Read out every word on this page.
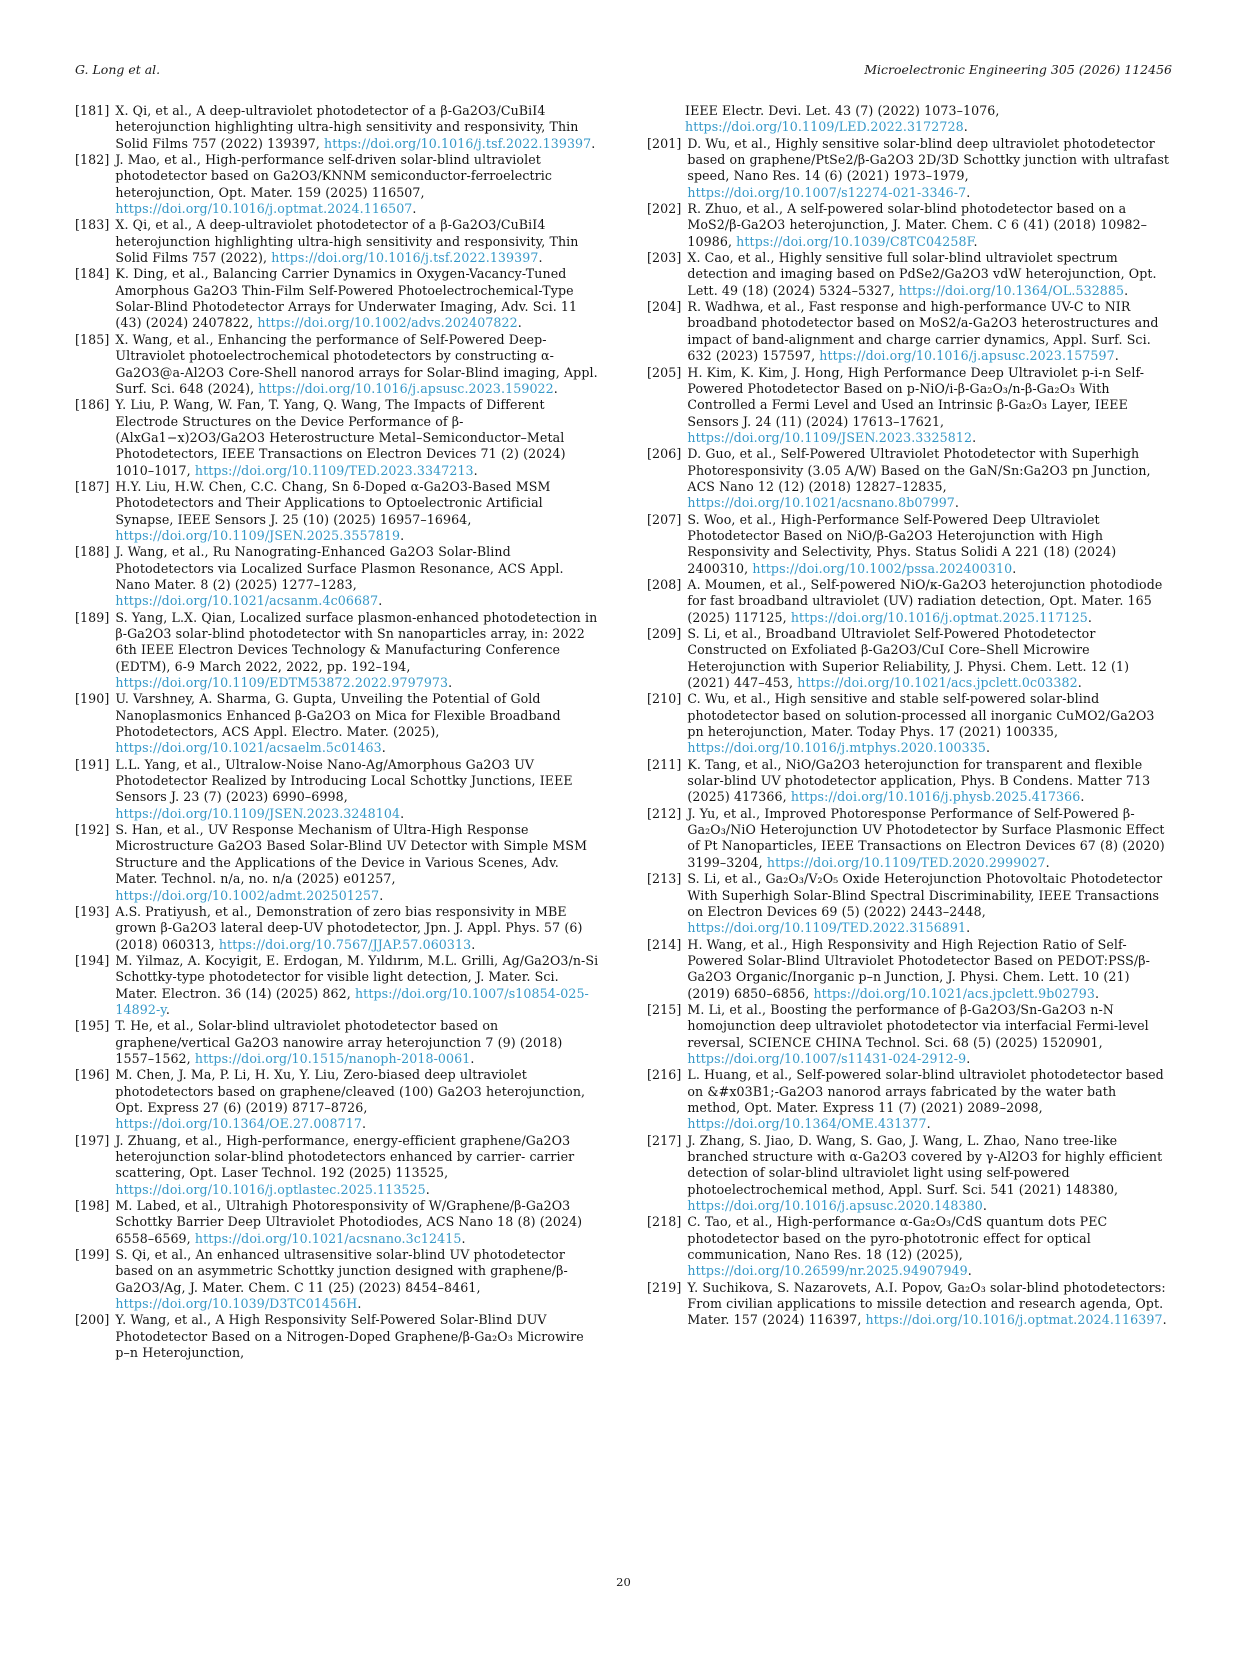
G. Long et al.	Microelectronic Engineering 305 (2026) 112456
[181] X. Qi, et al., A deep-ultraviolet photodetector of a β-Ga2O3/CuBiI4 heterojunction highlighting ultra-high sensitivity and responsivity, Thin Solid Films 757 (2022) 139397, https://doi.org/10.1016/j.tsf.2022.139397.
[182] J. Mao, et al., High-performance self-driven solar-blind ultraviolet photodetector based on Ga2O3/KNNM semiconductor-ferroelectric heterojunction, Opt. Mater. 159 (2025) 116507, https://doi.org/10.1016/j.optmat.2024.116507.
[183] X. Qi, et al., A deep-ultraviolet photodetector of a β-Ga2O3/CuBiI4 heterojunction highlighting ultra-high sensitivity and responsivity, Thin Solid Films 757 (2022), https://doi.org/10.1016/j.tsf.2022.139397.
[184] K. Ding, et al., Balancing Carrier Dynamics in Oxygen-Vacancy-Tuned Amorphous Ga2O3 Thin-Film Self-Powered Photoelectrochemical-Type Solar-Blind Photodetector Arrays for Underwater Imaging, Adv. Sci. 11 (43) (2024) 2407822, https://doi.org/10.1002/advs.202407822.
[185] X. Wang, et al., Enhancing the performance of Self-Powered Deep-Ultraviolet photoelectrochemical photodetectors by constructing α-Ga2O3@a-Al2O3 Core-Shell nanorod arrays for Solar-Blind imaging, Appl. Surf. Sci. 648 (2024), https://doi.org/10.1016/j.apsusc.2023.159022.
[186] Y. Liu, P. Wang, W. Fan, T. Yang, Q. Wang, The Impacts of Different Electrode Structures on the Device Performance of β-(AlxGa1−x)2O3/Ga2O3 Heterostructure Metal–Semiconductor–Metal Photodetectors, IEEE Transactions on Electron Devices 71 (2) (2024) 1010–1017, https://doi.org/10.1109/TED.2023.3347213.
[187] H.Y. Liu, H.W. Chen, C.C. Chang, Sn δ-Doped α-Ga2O3-Based MSM Photodetectors and Their Applications to Optoelectronic Artificial Synapse, IEEE Sensors J. 25 (10) (2025) 16957–16964, https://doi.org/10.1109/JSEN.2025.3557819.
[188] J. Wang, et al., Ru Nanograting-Enhanced Ga2O3 Solar-Blind Photodetectors via Localized Surface Plasmon Resonance, ACS Appl. Nano Mater. 8 (2) (2025) 1277–1283, https://doi.org/10.1021/acsanm.4c06687.
[189] S. Yang, L.X. Qian, Localized surface plasmon-enhanced photodetection in β-Ga2O3 solar-blind photodetector with Sn nanoparticles array, in: 2022 6th IEEE Electron Devices Technology & Manufacturing Conference (EDTM), 6-9 March 2022, 2022, pp. 192–194, https://doi.org/10.1109/EDTM53872.2022.9797973.
[190] U. Varshney, A. Sharma, G. Gupta, Unveiling the Potential of Gold Nanoplasmonics Enhanced β-Ga2O3 on Mica for Flexible Broadband Photodetectors, ACS Appl. Electro. Mater. (2025), https://doi.org/10.1021/acsaelm.5c01463.
[191] L.L. Yang, et al., Ultralow-Noise Nano-Ag/Amorphous Ga2O3 UV Photodetector Realized by Introducing Local Schottky Junctions, IEEE Sensors J. 23 (7) (2023) 6990–6998, https://doi.org/10.1109/JSEN.2023.3248104.
[192] S. Han, et al., UV Response Mechanism of Ultra-High Response Microstructure Ga2O3 Based Solar-Blind UV Detector with Simple MSM Structure and the Applications of the Device in Various Scenes, Adv. Mater. Technol. n/a, no. n/a (2025) e01257, https://doi.org/10.1002/admt.202501257.
[193] A.S. Pratiyush, et al., Demonstration of zero bias responsivity in MBE grown β-Ga2O3 lateral deep-UV photodetector, Jpn. J. Appl. Phys. 57 (6) (2018) 060313, https://doi.org/10.7567/JJAP.57.060313.
[194] M. Yilmaz, A. Kocyigit, E. Erdogan, M. Yıldırım, M.L. Grilli, Ag/Ga2O3/n-Si Schottky-type photodetector for visible light detection, J. Mater. Sci. Mater. Electron. 36 (14) (2025) 862, https://doi.org/10.1007/s10854-025-14892-y.
[195] T. He, et al., Solar-blind ultraviolet photodetector based on graphene/vertical Ga2O3 nanowire array heterojunction 7 (9) (2018) 1557–1562, https://doi.org/10.1515/nanoph-2018-0061.
[196] M. Chen, J. Ma, P. Li, H. Xu, Y. Liu, Zero-biased deep ultraviolet photodetectors based on graphene/cleaved (100) Ga2O3 heterojunction, Opt. Express 27 (6) (2019) 8717–8726, https://doi.org/10.1364/OE.27.008717.
[197] J. Zhuang, et al., High-performance, energy-efficient graphene/Ga2O3 heterojunction solar-blind photodetectors enhanced by carrier- carrier scattering, Opt. Laser Technol. 192 (2025) 113525, https://doi.org/10.1016/j.optlastec.2025.113525.
[198] M. Labed, et al., Ultrahigh Photoresponsivity of W/Graphene/β-Ga2O3 Schottky Barrier Deep Ultraviolet Photodiodes, ACS Nano 18 (8) (2024) 6558–6569, https://doi.org/10.1021/acsnano.3c12415.
[199] S. Qi, et al., An enhanced ultrasensitive solar-blind UV photodetector based on an asymmetric Schottky junction designed with graphene/β-Ga2O3/Ag, J. Mater. Chem. C 11 (25) (2023) 8454–8461, https://doi.org/10.1039/D3TC01456H.
[200] Y. Wang, et al., A High Responsivity Self-Powered Solar-Blind DUV Photodetector Based on a Nitrogen-Doped Graphene/β-Ga₂O₃ Microwire p–n Heterojunction,
IEEE Electr. Devi. Let. 43 (7) (2022) 1073–1076, https://doi.org/10.1109/LED.2022.3172728.
[201] D. Wu, et al., Highly sensitive solar-blind deep ultraviolet photodetector based on graphene/PtSe2/β-Ga2O3 2D/3D Schottky junction with ultrafast speed, Nano Res. 14 (6) (2021) 1973–1979, https://doi.org/10.1007/s12274-021-3346-7.
[202] R. Zhuo, et al., A self-powered solar-blind photodetector based on a MoS2/β-Ga2O3 heterojunction, J. Mater. Chem. C 6 (41) (2018) 10982–10986, https://doi.org/10.1039/C8TC04258F.
[203] X. Cao, et al., Highly sensitive full solar-blind ultraviolet spectrum detection and imaging based on PdSe2/Ga2O3 vdW heterojunction, Opt. Lett. 49 (18) (2024) 5324–5327, https://doi.org/10.1364/OL.532885.
[204] R. Wadhwa, et al., Fast response and high-performance UV-C to NIR broadband photodetector based on MoS2/a-Ga2O3 heterostructures and impact of band-alignment and charge carrier dynamics, Appl. Surf. Sci. 632 (2023) 157597, https://doi.org/10.1016/j.apsusc.2023.157597.
[205] H. Kim, K. Kim, J. Hong, High Performance Deep Ultraviolet p-i-n Self-Powered Photodetector Based on p-NiO/i-β-Ga₂O₃/n-β-Ga₂O₃ With Controlled a Fermi Level and Used an Intrinsic β-Ga₂O₃ Layer, IEEE Sensors J. 24 (11) (2024) 17613–17621, https://doi.org/10.1109/JSEN.2023.3325812.
[206] D. Guo, et al., Self-Powered Ultraviolet Photodetector with Superhigh Photoresponsivity (3.05 A/W) Based on the GaN/Sn:Ga2O3 pn Junction, ACS Nano 12 (12) (2018) 12827–12835, https://doi.org/10.1021/acsnano.8b07997.
[207] S. Woo, et al., High-Performance Self-Powered Deep Ultraviolet Photodetector Based on NiO/β-Ga2O3 Heterojunction with High Responsivity and Selectivity, Phys. Status Solidi A 221 (18) (2024) 2400310, https://doi.org/10.1002/pssa.202400310.
[208] A. Moumen, et al., Self-powered NiO/κ-Ga2O3 heterojunction photodiode for fast broadband ultraviolet (UV) radiation detection, Opt. Mater. 165 (2025) 117125, https://doi.org/10.1016/j.optmat.2025.117125.
[209] S. Li, et al., Broadband Ultraviolet Self-Powered Photodetector Constructed on Exfoliated β-Ga2O3/CuI Core–Shell Microwire Heterojunction with Superior Reliability, J. Physi. Chem. Lett. 12 (1) (2021) 447–453, https://doi.org/10.1021/acs.jpclett.0c03382.
[210] C. Wu, et al., High sensitive and stable self-powered solar-blind photodetector based on solution-processed all inorganic CuMO2/Ga2O3 pn heterojunction, Mater. Today Phys. 17 (2021) 100335, https://doi.org/10.1016/j.mtphys.2020.100335.
[211] K. Tang, et al., NiO/Ga2O3 heterojunction for transparent and flexible solar-blind UV photodetector application, Phys. B Condens. Matter 713 (2025) 417366, https://doi.org/10.1016/j.physb.2025.417366.
[212] J. Yu, et al., Improved Photoresponse Performance of Self-Powered β-Ga₂O₃/NiO Heterojunction UV Photodetector by Surface Plasmonic Effect of Pt Nanoparticles, IEEE Transactions on Electron Devices 67 (8) (2020) 3199–3204, https://doi.org/10.1109/TED.2020.2999027.
[213] S. Li, et al., Ga₂O₃/V₂O₅ Oxide Heterojunction Photovoltaic Photodetector With Superhigh Solar-Blind Spectral Discriminability, IEEE Transactions on Electron Devices 69 (5) (2022) 2443–2448, https://doi.org/10.1109/TED.2022.3156891.
[214] H. Wang, et al., High Responsivity and High Rejection Ratio of Self-Powered Solar-Blind Ultraviolet Photodetector Based on PEDOT:PSS/β-Ga2O3 Organic/Inorganic p–n Junction, J. Physi. Chem. Lett. 10 (21) (2019) 6850–6856, https://doi.org/10.1021/acs.jpclett.9b02793.
[215] M. Li, et al., Boosting the performance of β-Ga2O3/Sn-Ga2O3 n-N homojunction deep ultraviolet photodetector via interfacial Fermi-level reversal, SCIENCE CHINA Technol. Sci. 68 (5) (2025) 1520901, https://doi.org/10.1007/s11431-024-2912-9.
[216] L. Huang, et al., Self-powered solar-blind ultraviolet photodetector based on &#x03B1;-Ga2O3 nanorod arrays fabricated by the water bath method, Opt. Mater. Express 11 (7) (2021) 2089–2098, https://doi.org/10.1364/OME.431377.
[217] J. Zhang, S. Jiao, D. Wang, S. Gao, J. Wang, L. Zhao, Nano tree-like branched structure with α-Ga2O3 covered by γ-Al2O3 for highly efficient detection of solar-blind ultraviolet light using self-powered photoelectrochemical method, Appl. Surf. Sci. 541 (2021) 148380, https://doi.org/10.1016/j.apsusc.2020.148380.
[218] C. Tao, et al., High-performance α-Ga₂O₃/CdS quantum dots PEC photodetector based on the pyro-phototronic effect for optical communication, Nano Res. 18 (12) (2025), https://doi.org/10.26599/nr.2025.94907949.
[219] Y. Suchikova, S. Nazarovets, A.I. Popov, Ga₂O₃ solar-blind photodetectors: From civilian applications to missile detection and research agenda, Opt. Mater. 157 (2024) 116397, https://doi.org/10.1016/j.optmat.2024.116397.
20
